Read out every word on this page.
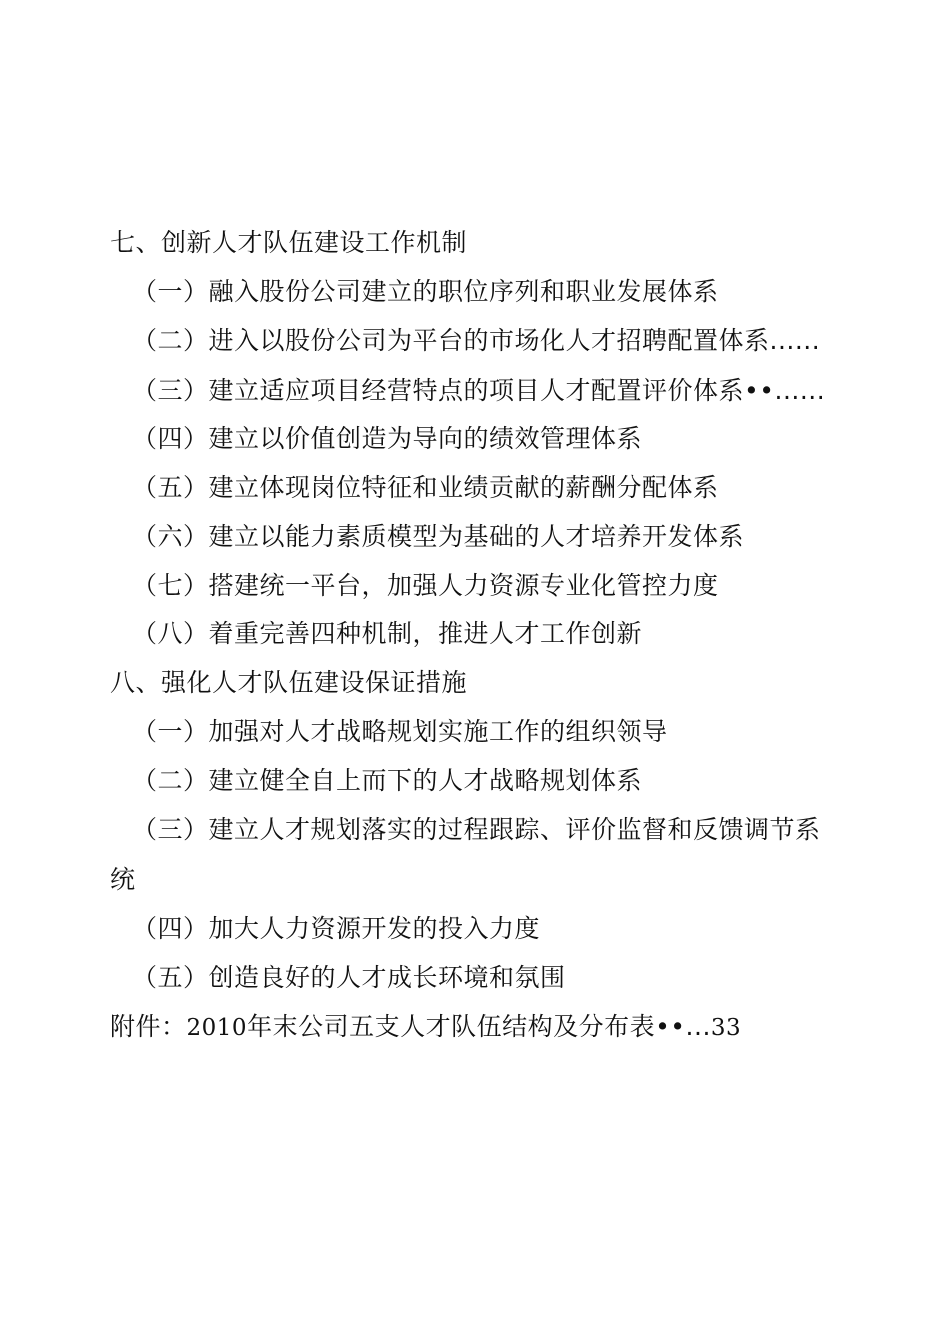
七、创新人才队伍建设工作机制
（一）融入股份公司建立的职位序列和职业发展体系
（二）进入以股份公司为平台的市场化人才招聘配置体系......
（三）建立适应项目经营特点的项目人才配置评价体系••......
（四）建立以价值创造为导向的绩效管理体系
（五）建立体现岗位特征和业绩贡献的薪酬分配体系
（六）建立以能力素质模型为基础的人才培养开发体系
（七）搭建统一平台，加强人力资源专业化管控力度
（八）着重完善四种机制，推进人才工作创新
八、强化人才队伍建设保证措施
（一）加强对人才战略规划实施工作的组织领导
（二）建立健全自上而下的人才战略规划体系
（三）建立人才规划落实的过程跟踪、评价监督和反馈调节系
统
（四）加大人力资源开发的投入力度
（五）创造良好的人才成长环境和氛围
附件：2010年末公司五支人才队伍结构及分布表••...33
